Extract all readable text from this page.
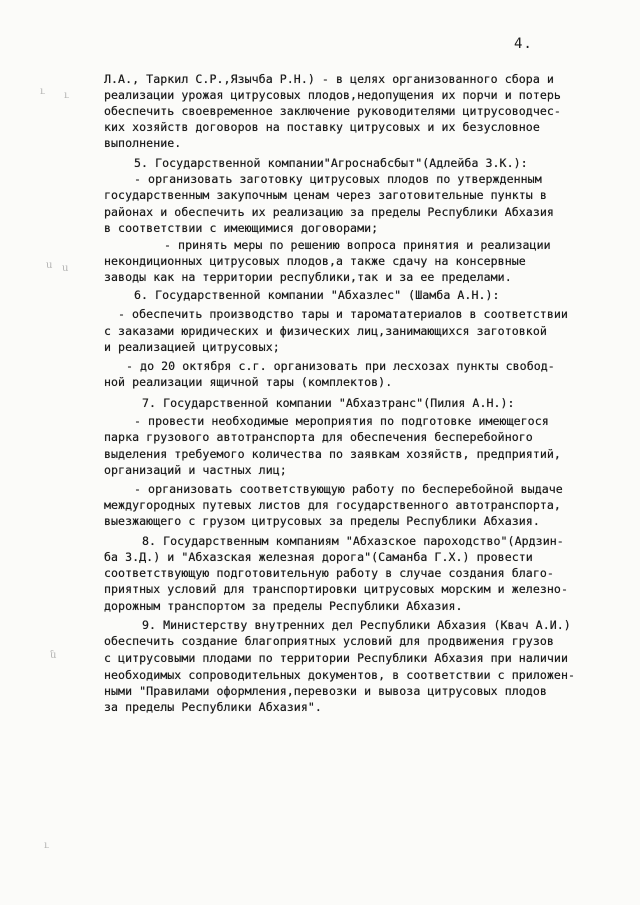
4.
ւ ւ
ս ս
ն
ւ
Л.А., Таркил С.Р.,Язычба Р.Н.) - в целях организованного сбора и
реализации урожая цитрусовых плодов,недопущения их порчи и потерь
обеспечить своевременное заключение руководителями цитрусоводчес-
ких хозяйств договоров на поставку цитрусовых и их безусловное
выполнение.
5. Государственной компании"Агроснабсбыт"(Адлейба З.К.):
- организовать заготовку цитрусовых плодов по утвержденным
государственным закупочным ценам через заготовительные пункты в
районах и обеспечить их реализацию за пределы Республики Абхазия
в соответствии с имеющимися договорами;
- принять меры по решению вопроса принятия и реализации
некондиционных цитрусовых плодов,а также сдачу на консервные
заводы как на территории республики,так и за ее пределами.
6. Государственной компании "Абхазлес" (Шамба А.Н.):
- обеспечить производство тары и таромататериалов в соответствии
с заказами юридических и физических лиц,занимающихся заготовкой
и реализацией цитрусовых;
- до 20 октября с.г. организовать при лесхозах пункты свобод-
ной реализации ящичной тары (комплектов).
7. Государственной компании "Абхазтранс"(Пилия А.Н.):
- провести необходимые мероприятия по подготовке имеющегося
парка грузового автотранспорта для обеспечения бесперебойного
выделения требуемого количества по заявкам хозяйств, предприятий,
организаций и частных лиц;
- организовать соответствующую работу по бесперебойной выдаче
междугородных путевых листов для государственного автотранспорта,
выезжающего с грузом цитрусовых за пределы Республики Абхазия.
8. Государственным компаниям "Абхазское пароходство"(Ардзин-
ба З.Д.) и "Абхазская железная дорога"(Саманба Г.Х.) провести
соответствующую подготовительную работу в случае создания благо-
приятных условий для транспортировки цитрусовых морским и железно-
дорожным транспортом за пределы Республики Абхазия.
9. Министерству внутренних дел Республики Абхазия (Квач А.И.)
обеспечить создание благоприятных условий для продвижения грузов
с цитрусовыми плодами по территории Республики Абхазия при наличии
необходимых сопроводительных документов, в соответствии с приложен-
ными "Правилами оформления,перевозки и вывоза цитрусовых плодов
за пределы Республики Абхазия".
